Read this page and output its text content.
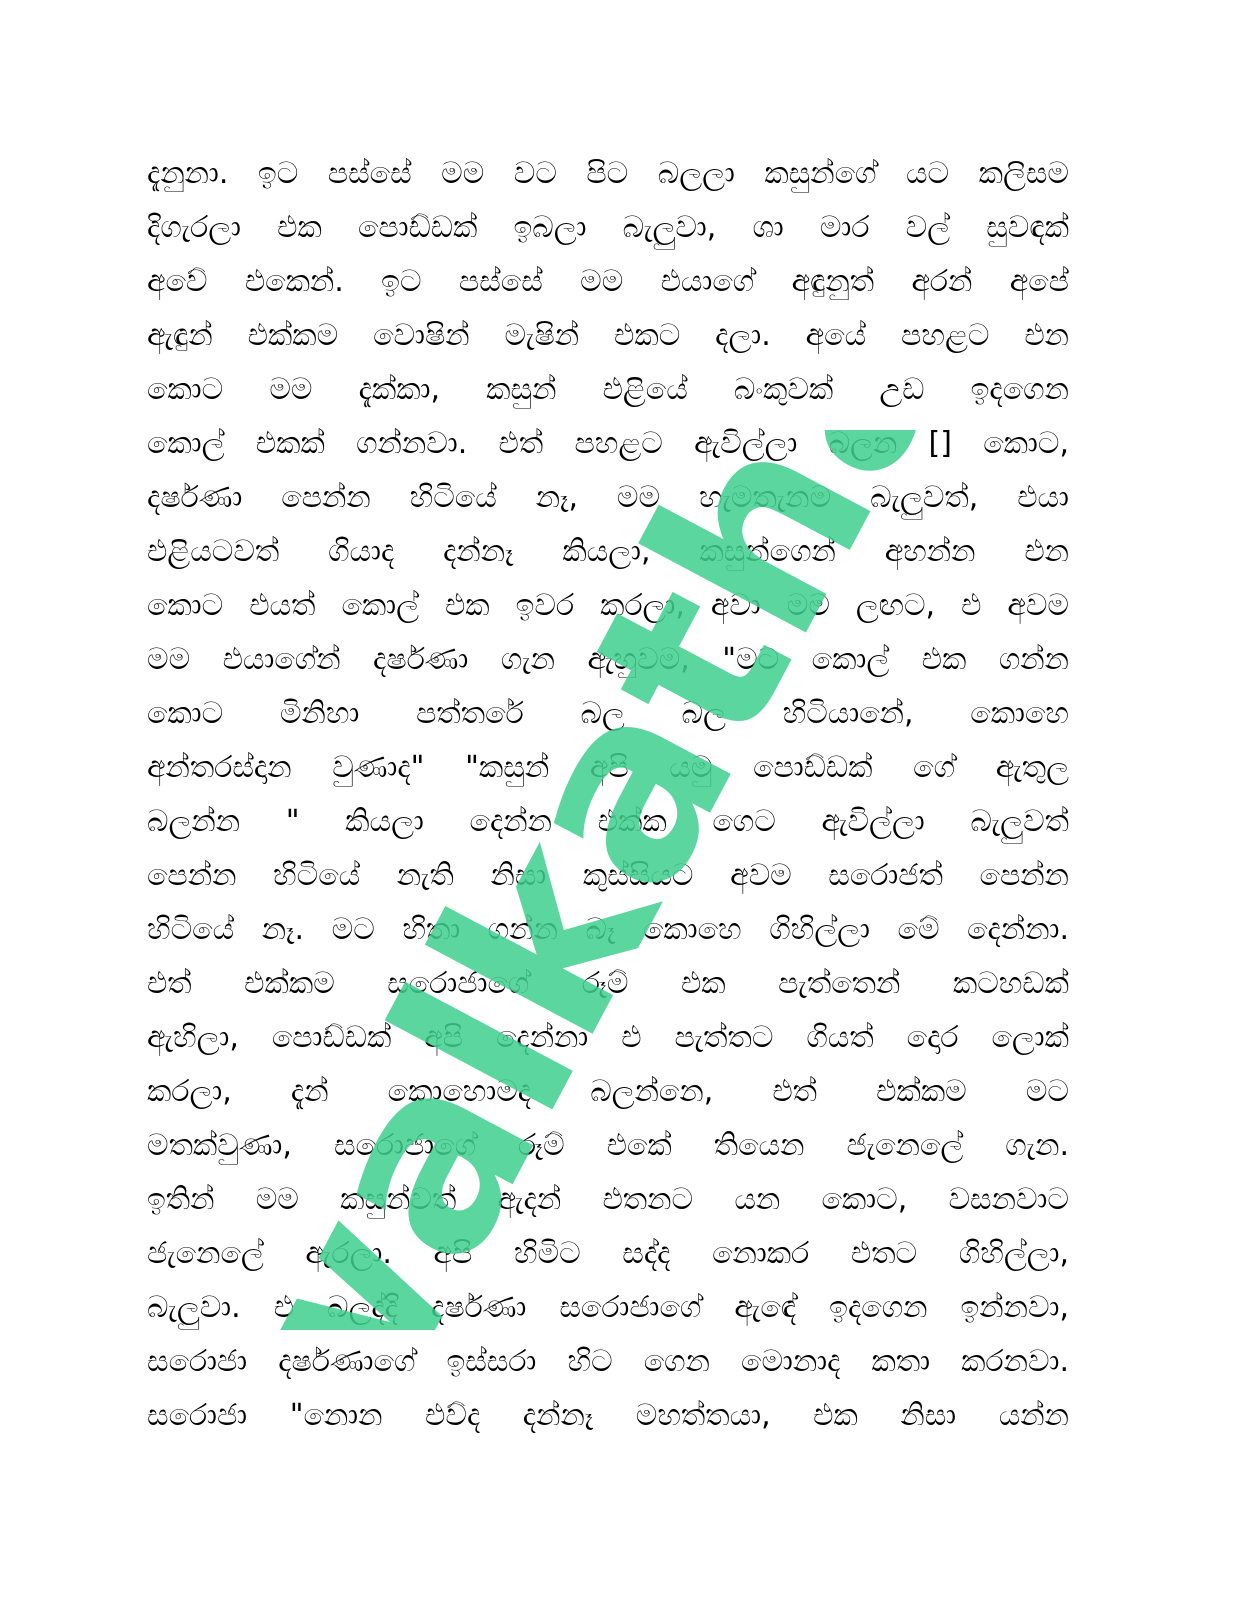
දැනුනා. ඉට පස්සේ මම වට පිට බලලා කසුන්ගේ යට කලිසම
දිගැරලා එක පොඩ්ඩක් ඉබලා බැලුවා, ශා මාර වල් සුවඳක්
අවේ එකෙන්. ඉට පස්සේ මම එයාගේ අඳුනුත් අරන් අපේ
ඇඳුන් එක්කම වොෂින් මැෂින් එකට දලා. අයේ පහළට එන
කොට මම දැක්කා, කසුන් එළියේ බංකුවක් උඩ ඉදගෙන
කොල් එකක් ගන්නවා. එත් පහළට ඇවිල්ලා බලන [] කොට,
දර්ෂණා පෙන්න හිටියේ නෑ, මම හැමතැනම බැලුවත්, එයා
එළියටවත් ගියාද දන්නෑ කියලා, කසුන්ගෙන් අහන්න එන
කොට එයත් කොල් එක ඉවර කරලා, අවා මම ලඟට, එ අවම
මම එයාගේන් දර්ෂණා ගැන ඇහුවම, "මට කොල් එක ගන්න
කොට මිනිහා පත්තරේ බල බල හිටියානේ, කොහෙ
අන්තරස්දාන වුණාද" "කසුන් අපි යමු පොඩ්ඩක් ගේ ඇතුල
බලන්න " කියලා දෙන්න එක්ක ගෙට ඇවිල්ලා බැලුවත්
පෙන්න හිටියේ නැති නිසා කුස්සියට අවම සරොජත් පෙන්න
හිටියේ නෑ. මට හිතා ගන්න බෑ කොහෙ ගිහිල්ලා මේ දෙන්නා.
එත් එක්කම සරොජාගේ රූම් එක පැත්තෙන් කටහඩක්
ඇහිලා, පොඩ්ඩක් අපි දෙන්නා එ පැත්තට ගියත් දොර ලොක්
කරලා, දැන් කොහොමද බලන්නෙ, එත් එක්කම මට
මතක්වුණා, සරොජාගේ රූම් එකේ තියෙන ජැනෙලේ ගැන.
ඉතින් මම කසුන්වත් ඇදන් එතනට යන කොට, වසනවාට
ජැනෙලේ ඇරලා. අපි හිමිට සද්ද නොකර එතට ගිහිල්ලා,
බැලුවා. එ බලද්දි දර්ෂණා සරොජාගේ ඇඳේ ඉදගෙන ඉන්නවා,
සරොජා දර්ෂණාගේ ඉස්සරා හිට ගෙන මොනාද කතා කරනවා.
සරොජා "නොන එව්ද දන්නෑ මහත්තයා, එක නිසා යන්න
walkatha
